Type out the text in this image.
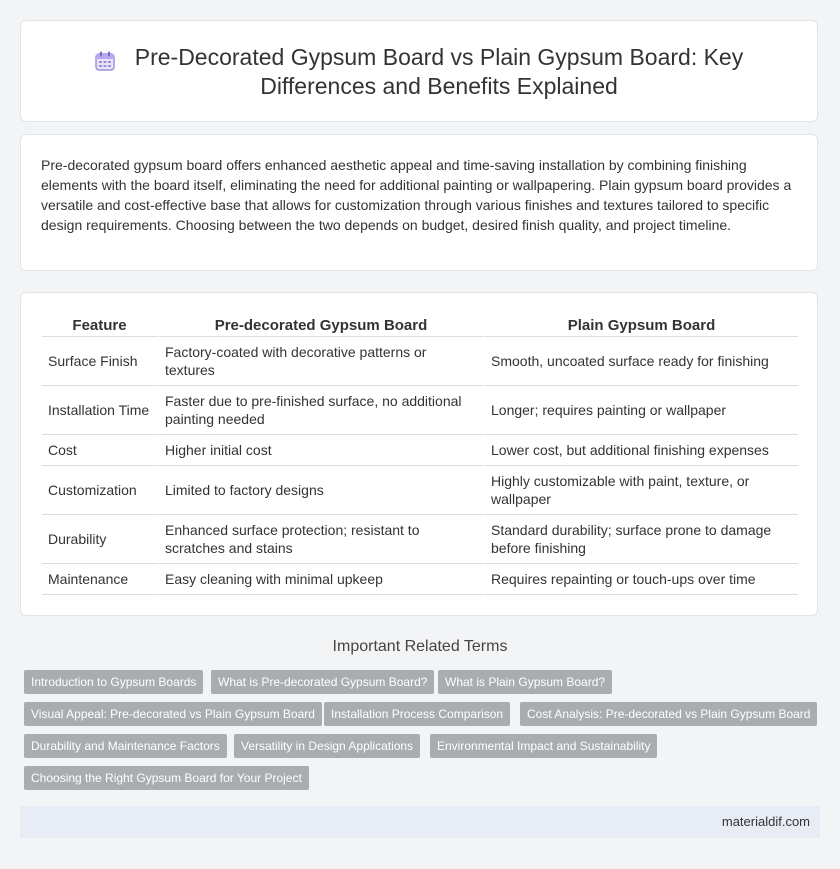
Pre-Decorated Gypsum Board vs Plain Gypsum Board: Key Differences and Benefits Explained

Pre-decorated gypsum board offers enhanced aesthetic appeal and time-saving installation by combining finishing elements with the board itself, eliminating the need for additional painting or wallpapering. Plain gypsum board provides a versatile and cost-effective base that allows for customization through various finishes and textures tailored to specific design requirements. Choosing between the two depends on budget, desired finish quality, and project timeline.

Feature	Pre-decorated Gypsum Board	Plain Gypsum Board
Surface Finish	Factory-coated with decorative patterns or textures	Smooth, uncoated surface ready for finishing
Installation Time	Faster due to pre-finished surface, no additional painting needed	Longer; requires painting or wallpaper
Cost	Higher initial cost	Lower cost, but additional finishing expenses
Customization	Limited to factory designs	Highly customizable with paint, texture, or wallpaper
Durability	Enhanced surface protection; resistant to scratches and stains	Standard durability; surface prone to damage before finishing
Maintenance	Easy cleaning with minimal upkeep	Requires repainting or touch-ups over time
Important Related Terms
Introduction to Gypsum Boards	What is Pre-decorated Gypsum Board?	What is Plain Gypsum Board?
Visual Appeal: Pre-decorated vs Plain Gypsum Board	Installation Process Comparison	Cost Analysis: Pre-decorated vs Plain Gypsum Board
Durability and Maintenance Factors	Versatility in Design Applications	Environmental Impact and Sustainability
Choosing the Right Gypsum Board for Your Project
materialdif.com
